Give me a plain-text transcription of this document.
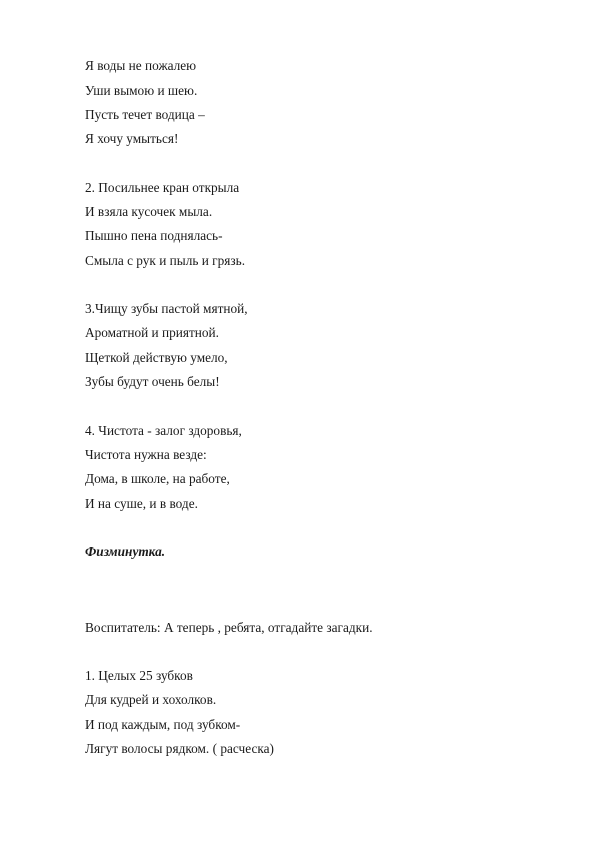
Я воды не пожалею
Уши вымою и шею.
Пусть течет водица –
Я хочу умыться!
2. Посильнее кран открыла
И взяла кусочек мыла.
Пышно пена поднялась-
Смыла с рук и пыль и грязь.
3.Чищу зубы пастой мятной,
Ароматной и приятной.
Щеткой действую умело,
Зубы будут очень белы!
4. Чистота - залог здоровья,
Чистота нужна везде:
Дома, в школе, на работе,
И на суше, и в воде.
Физминутка.
Воспитатель: А теперь , ребята, отгадайте загадки.
1. Целых 25 зубков
Для кудрей и хохолков.
И под каждым, под зубком-
Лягут волосы рядком. ( расческа)
